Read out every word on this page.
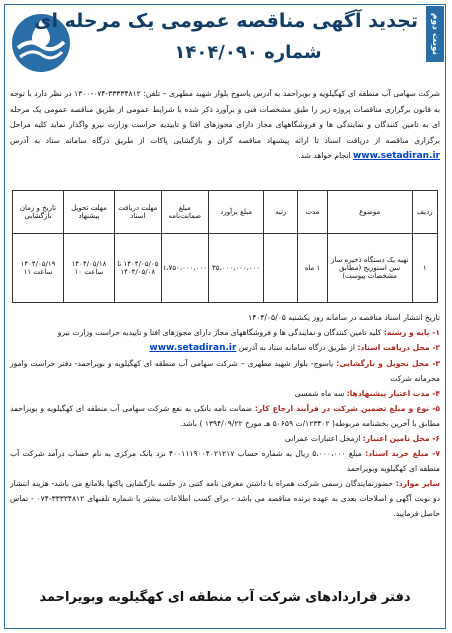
نوبت دوم
تجدید آگهی مناقصه عمومی یک مرحله ای
شماره ۱۴۰۴/۰۹۰
شرکت سهامی آب منطقه ای کهگیلویه و بویراحمد به آدرس یاسوج بلوار شهید مطهری – تلفن: ۳۳۳۳۴۸۱۲-۰۷۴-۱۳۰۰ در نظر دارد با توجه به قانون برگزاری مناقصات پروژه زیر را طبق مشخصات فنی و برآورد ذکر شده با شرایط عمومی از طریق مناقصه عمومی یک مرحله ای به تامین کنندگان و نمایندگی ها و فروشگاههای مجاز دارای مجوزهای افتا و تاییدیه حراست وزارت نیرو واگذار نماید کلیه مراحل برگزاری مناقصه از دریافت اسناد تا ارائه پیشنهاد مناقصه گران و بازگشایی پاکات از طریق درگاه سامانه ستاد به آدرس www.setadiran.ir انجام خواهد شد.
ردیف	موضوع	مدت	رتبه	مبلغ برآورد	مبلغ ضمانت‌نامه	مهلت دریافت اسناد	مهلت تحویل پیشنهاد	تاریخ و زمان بازگشایی
۱	تهیه یک دستگاه ذخیره ساز سن استوریج (مطابق مشخصات پیوست)	۱ ماه		۳۵،۰۰۰،۰۰۰،۰۰۰	۱،۷۵۰،۰۰۰،۰۰۰	۱۴۰۴/۰۵/۰۵ تا ۱۴۰۴/۰۵/۰۸	۱۴۰۴/۰۵/۱۸ ساعت ۱۰	۱۴۰۴/۰۵/۱۹ ساعت ۱۱

تاریخ انتشار اسناد مناقصه در سامانه روز یکشنبه ۱۴۰۴/۰۵/۰۵

۱- پایه و رشته: کلیه تامین کنندگان و نمایندگی ها و فروشگاههای مجاز دارای مجوزهای افتا و تاییدیه حراست وزارت نیرو

۲- محل دریافت اسناد: از طریق درگاه سامانه ستاد به آدرس www.setadiran.ir

۳- محل تحویل و بازگشایی: یاسوج- بلوار شهید مطهری – شرکت سهامی آب منطقه ای کهگیلویه و بویراحمد- دفتر حراست وامور محرمانه شرکت

۴- مدت اعتبار پیشنهادها: سه ماه شمسی

۵- نوع و مبلغ تضمین شرکت در فرآیند ارجاع کار: ضمانت نامه بانکی به نفع شرکت سهامی آب منطقه ای کهگیلویه و بویراحمد مطابق با آخرین بخشنامه مربوطه( ۱۲۳۴۰۲/ت ۵۰۶۵۹ هـ مورخ ۱۳۹۴/۰۹/۲۲ ) باشد.

۶- محل تامین اعتبار: ازمحل اعتبارات عمرانی

۷- مبلغ خرید اسناد: مبلغ ۵،۰۰۰،۰۰۰ ریال به شماره حساب ۴۰۰۱۱۱۹۰۰۴۰۲۱۲۱۷ نزد بانک مرکزی به نام حساب درآمد شرکت آب منطقه ای کهگیلویه وبویراحمد

سایر موارد: حضورنمایندگان رسمی شرکت همراه با داشتن معرفی نامه کتبی در جلسه بازگشایی پاکتها بلامانع می باشد- هزینه انتشار دو نوبت آگهی و اصلاحات بعدی به عهده برنده مناقصه می باشد - برای کسب اطلاعات بیشتر با شماره تلفنهای ۳۳۳۳۴۸۱۲-۰۷۴ - تماس حاصل فرمایید.

دفتر قراردادهای شرکت آب منطقه ای کهگیلویه وبویراحمد
